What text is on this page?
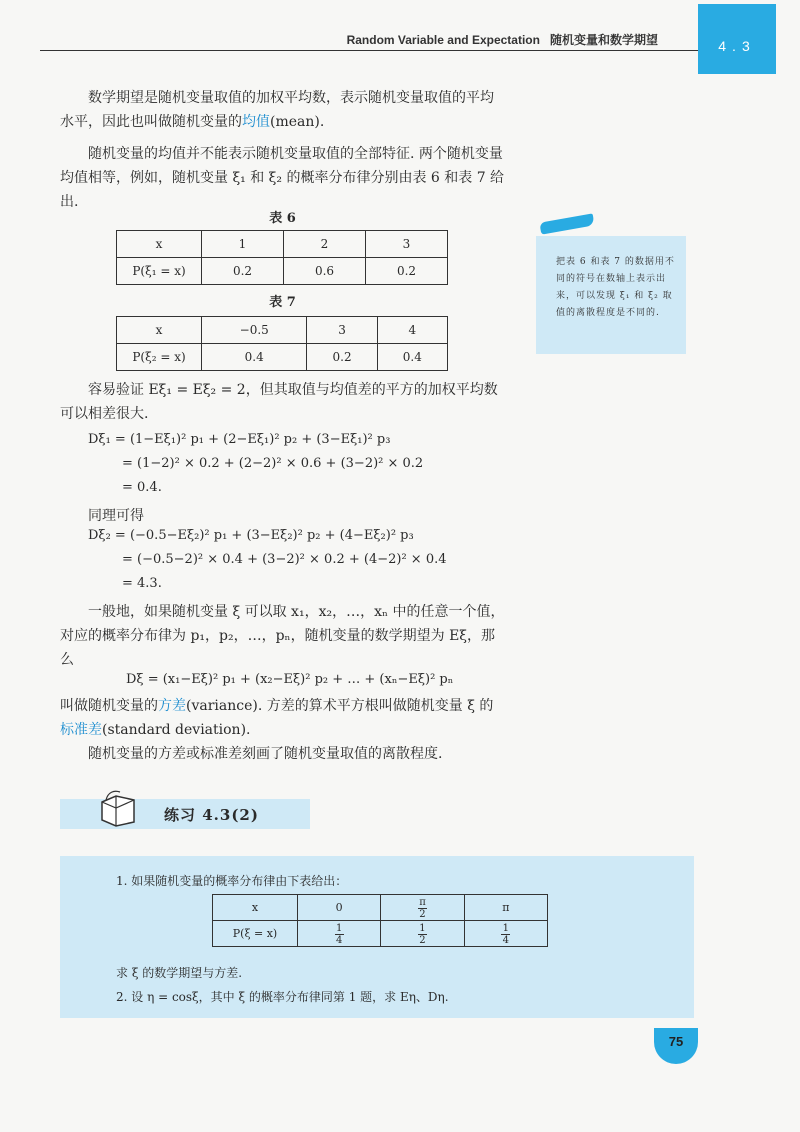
Random Variable and Expectation 随机变量和数学期望	4.3
数学期望是随机变量取值的加权平均数，表示随机变量取值的平均水平，因此也叫做随机变量的均值(mean).
随机变量的均值并不能表示随机变量取值的全部特征. 两个随机变量均值相等，例如，随机变量 ξ₁ 和 ξ₂ 的概率分布律分别由表 6 和表 7 给出.
表 6
x	1	2	3
P(ξ₁ = x)	0.2	0.6	0.2
表 7
x	−0.5	3	4
P(ξ₂ = x)	0.4	0.2	0.4
把表 6 和表 7 的数据用不同的符号在数轴上表示出来，可以发现 ξ₁ 和 ξ₂ 取值的离散程度是不同的.
容易验证 Eξ₁ = Eξ₂ = 2，但其取值与均值差的平方的加权平均数可以相差很大.
Dξ₁ = (1−Eξ₁)² p₁ + (2−Eξ₁)² p₂ + (3−Eξ₁)² p₃
= (1−2)² × 0.2 + (2−2)² × 0.6 + (3−2)² × 0.2
= 0.4.
同理可得
Dξ₂ = (−0.5−Eξ₂)² p₁ + (3−Eξ₂)² p₂ + (4−Eξ₂)² p₃
= (−0.5−2)² × 0.4 + (3−2)² × 0.2 + (4−2)² × 0.4
= 4.3.
一般地，如果随机变量 ξ 可以取 x₁，x₂，…，xₙ 中的任意一个值，对应的概率分布律为 p₁，p₂，…，pₙ，随机变量的数学期望为 Eξ，那么
Dξ = (x₁−Eξ)² p₁ + (x₂−Eξ)² p₂ + … + (xₙ−Eξ)² pₙ
叫做随机变量的方差(variance). 方差的算术平方根叫做随机变量 ξ 的标准差(standard deviation).
随机变量的方差或标准差刻画了随机变量取值的离散程度.
练习 4.3(2)
1. 如果随机变量的概率分布律由下表给出：
x	0	$\frac{\pi}{2}$	π
P(ξ = x)	$\frac{1}{4}$	$\frac{1}{2}$	$\frac{1}{4}$
求 ξ 的数学期望与方差.
2. 设 η = cosξ，其中 ξ 的概率分布律同第 1 题，求 Eη、Dη.
75
